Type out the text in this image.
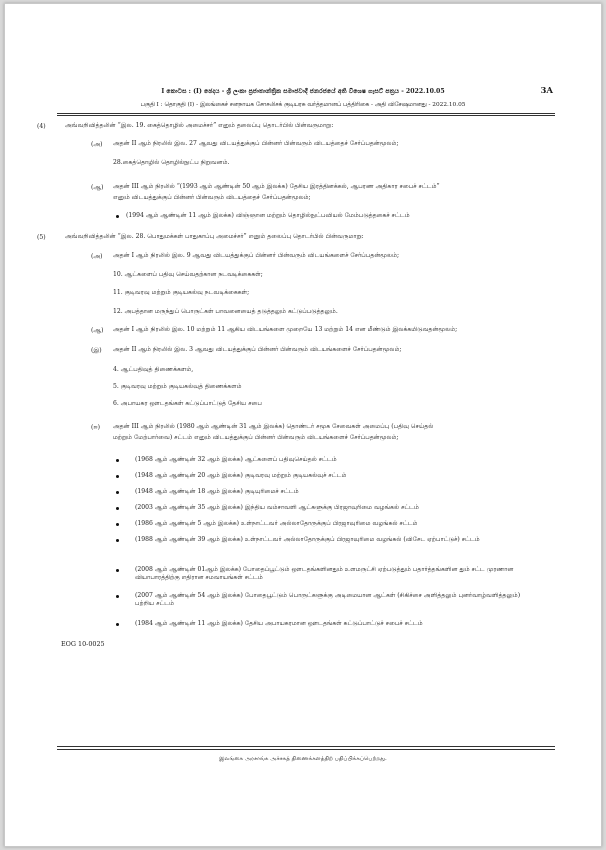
I කොටස : (I) ඡෙදය - ශ්‍රී ලංකා ප්‍රජාතාන්ත්‍රික සමාජවාදී ජනරජයේ අති විශෙෂ ගැසට් පත්‍රය - 2022.10.05	3A
பகுதி I : தொகுதி (I) - இலங்கைச் சனநாயக சோசலிசக் குடியரசு வர்த்தமானப் பத்திரிகை - அதி விசேஷமானது - 2022.10.05
(4)	அவ்வறிவித்தலின் “இல. 19. கைத்தொழில் அமைச்சர்” எனும் தலைப்பு தொடர்பில் பின்வருமாறு:
(அ) அதன் II ஆம் நிரலில் இல. 27 ஆவது விடயத்துக்குப் பின்னர் பின்வரும் விடயத்தைச் சேர்ப்பதன்மூலம்;
28.கைத்தொழில் தொழில்நுட்ப நிறுவனம்.
(ஆ) அதன் III ஆம் நிரலில் “(1993 ஆம் ஆண்டின் 50 ஆம் இலக்க) தேசிய இரத்தினக்கல், ஆபரண அதிகார சபைச் சட்டம்”
எனும் விடயத்துக்குப் பின்னர் பின்வரும் விடயத்தைச் சேர்ப்பதன்மூலம்;
(1994 ஆம் ஆண்டின் 11 ஆம் இலக்க) விஞ்ஞான மற்றும் தொழில்நுட்பவியல் மேம்படுத்தகைச் சட்டம்
(5)	அவ்வறிவித்தலின் “இல. 28. பொதுமக்கள் பாதுகாப்பு அமைச்சர்” எனும் தலைப்பு தொடர்பில் பின்வருமாறு:
(அ) அதன் I ஆம் நிரலில் இல. 9 ஆவது விடயத்துக்குப் பின்னர் பின்வரும் விடயங்களைச் சேர்ப்பதன்மூலம்;
10. ஆட்களைப் பதிவு செய்வதற்கான நடவடிக்கைகள்;
11. குடிவரவு மற்றும் குடியகல்வு நடவடிக்கைகள்;
12. அபத்தான மருந்துப் பொருட்கள் பாவனையைத் தடுத்தலும் கட்டுப்படுத்தலும்.
(ஆ) அதன் I ஆம் நிரலில் இல. 10 மற்றும் 11 ஆகிய விடயங்களை முறையே 13 மற்றும் 14 என மீண்டும் இலக்கமிடுவதன்மூலம்;
(இ) அதன் II ஆம் நிரலில் இல. 3 ஆவது விடயத்துக்குப் பின்னர் பின்வரும் விடயங்களைச் சேர்ப்பதன்மூலம்;
4. ஆட்பதிவுத் திணைக்களம்,
5. குடிவரவு மற்றும் குடியகல்வுத் திணைக்களம்
6. அபாயகர ஔடதங்கள் கட்டுப்பாட்டுத் தேசிய சபை
(ஈ) அதன் III ஆம் நிரலில் (1980 ஆம் ஆண்டின் 31 ஆம் இலக்க) தொண்டர் சமூக சேவைகள் அமைப்பு (பதிவு செய்தல்
மற்றும் மேற்பார்வை) சட்டம் எனும் விடயத்துக்குப் பின்னர் பின்வரும் விடயங்களைச் சேர்ப்பதன்மூலம்;
(1968 ஆம் ஆண்டின் 32 ஆம் இலக்க) ஆட்களைப் பதிவுசெய்தல் சட்டம்
(1948 ஆம் ஆண்டின் 20 ஆம் இலக்க) குடிவரவு மற்றும் குடியகல்வுச் சட்டம்
(1948 ஆம் ஆண்டின் 18 ஆம் இலக்க) குடியுரிமைச் சட்டம்
(2003 ஆம் ஆண்டின் 35 ஆம் இலக்க) இந்திய வம்சாவளி ஆட்களுக்கு பிரஜாவுரிமை வழங்கல் சட்டம்
(1986 ஆம் ஆண்டின் 5 ஆம் இலக்க) உள்நாட்டவர் அல்லாதோருக்குப் பிரஜாவுரிமை வழங்கல் சட்டம்
(1988 ஆம் ஆண்டின் 39 ஆம் இலக்க) உள்நாட்டவர் அல்லாதோருக்குப் பிரஜாவுரிமை வழங்கல் (விசேட ஏற்பாட்டுச்) சட்டம்
(2008 ஆம் ஆண்டின் 01ஆம் இலக்க) போதைப்பூட்டும் ஔடதங்களினதும் உளமருட்சி ஏற்படுத்தும் பதார்த்தங்களின தும் சட்ட முரணான வியாபாரத்திற்கு எதிரான சமவாயங்கள் சட்டம்
(2007 ஆம் ஆண்டின் 54 ஆம் இலக்க) போதைபூட்டும் பொருட்களுக்கு அடிமையான ஆட்கள் (சிகிச்சை அளித்தலும் புனர்வாழ்வளித்தலும்) பற்றிய சட்டம்
(1984 ஆம் ஆண்டின் 11 ஆம் இலக்க) தேசிய அபாயகரமான ஔடதங்கள் கட்டுப்பாட்டுச் சபைச் சட்டம்
EOG 10-0025
இலங்கை அரசாங்க அச்சகத் திணைக்களத்திற் பதிப்பிக்கப்பெற்றது.
